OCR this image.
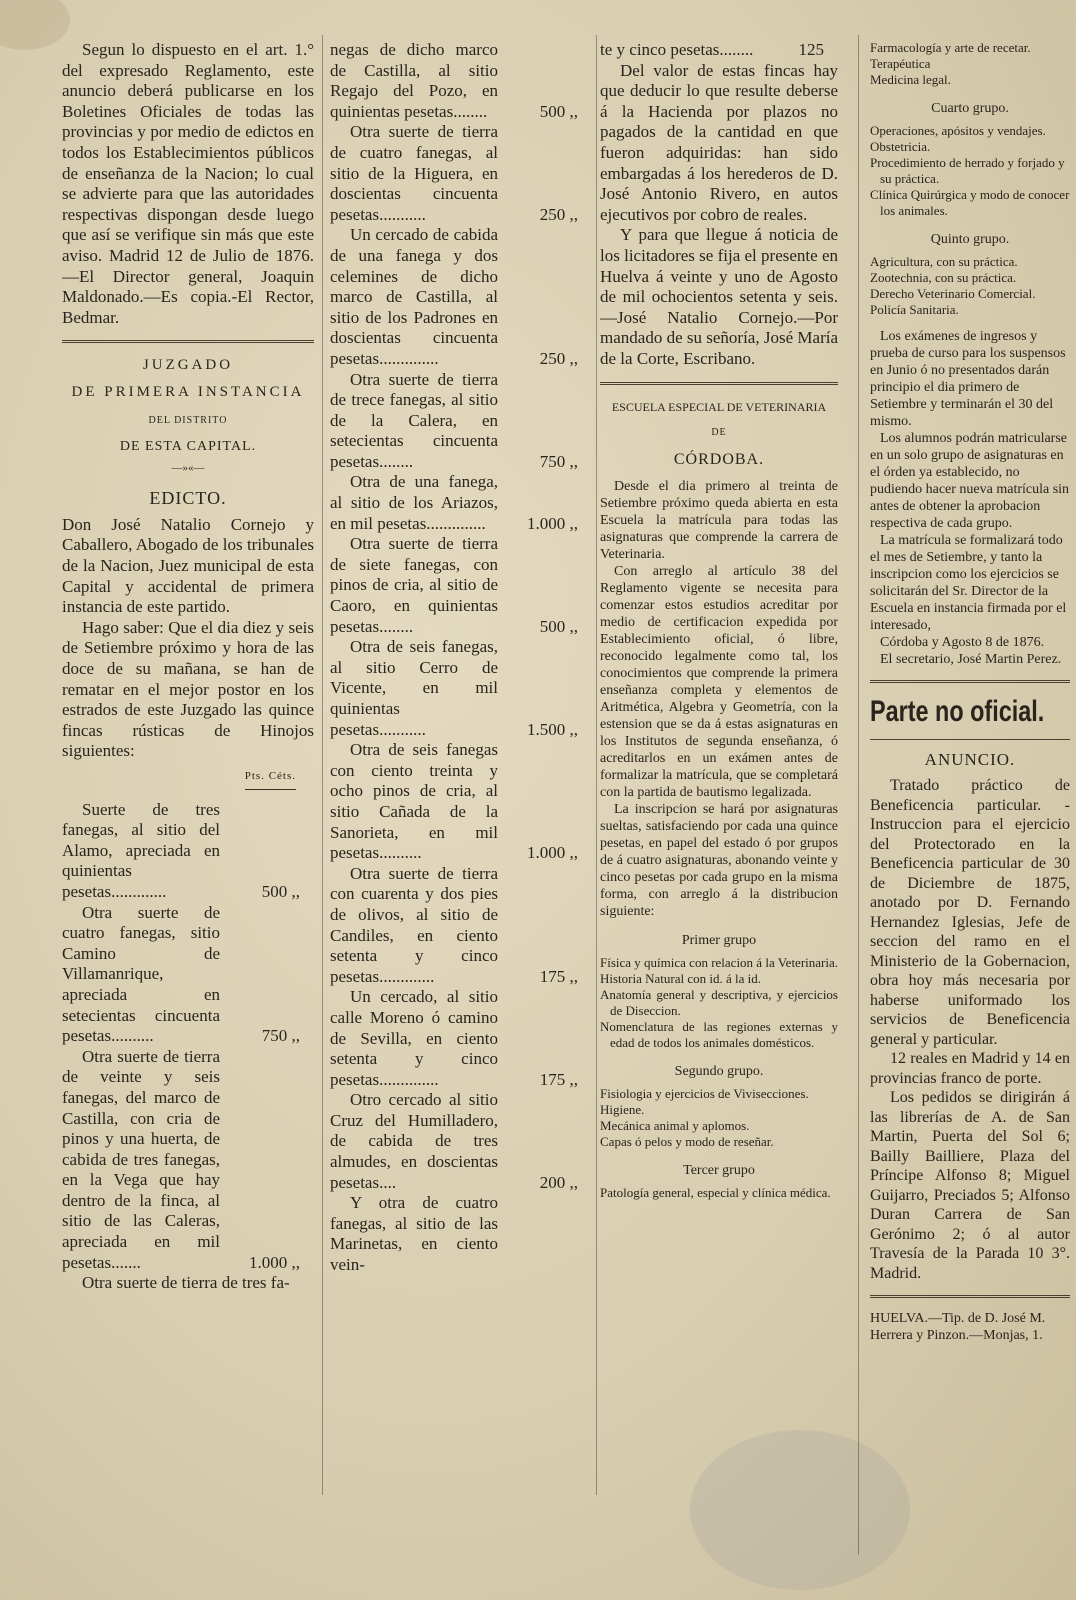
Segun lo dispuesto en el art. 1.° del expresado Reglamento, este anuncio deberá publicarse en los Boletines Oficiales de todas las provincias y por medio de edictos en todos los Establecimientos públicos de enseñanza de la Nacion; lo cual se advierte para que las autoridades respectivas dispongan desde luego que así se verifique sin más que este aviso. Madrid 12 de Julio de 1876.—El Director general, Joaquin Maldonado.—Es copia.-El Rector, Bedmar.

JUZGADO

DE PRIMERA INSTANCIA

DEL DISTRITO

DE ESTA CAPITAL.

—»«—

EDICTO.

Don José Natalio Cornejo y Caballero, Abogado de los tribunales de la Nacion, Juez municipal de esta Capital y accidental de primera instancia de este partido.

Hago saber: Que el dia diez y seis de Setiembre próximo y hora de las doce de su mañana, se han de rematar en el mejor postor en los estrados de este Juzgado las quince fincas rústicas de Hinojos siguientes:

Pts. Céts.

Suerte de tres fanegas, al sitio del Alamo, apreciada en quinientas pesetas.............	500 ,,

Otra suerte de cuatro fanegas, sitio Camino de Villamanrique, apreciada en setecientas cincuenta pesetas..........	750 ,,

Otra suerte de tierra de veinte y seis fanegas, del marco de Castilla, con cria de pinos y una huerta, de cabida de tres fanegas, en la Vega que hay dentro de la finca, al sitio de las Caleras, apreciada en mil pesetas.......	1.000 ,,

Otra suerte de tierra de tres fa-

negas de dicho marco de Castilla, al sitio Regajo del Pozo, en quinientas pesetas........	500 ,,

Otra suerte de tierra de cuatro fanegas, al sitio de la Higuera, en doscientas cincuenta pesetas...........	250 ,,

Un cercado de cabida de una fanega y dos celemines de dicho marco de Castilla, al sitio de los Padrones en doscientas cincuenta pesetas..............	250 ,,

Otra suerte de tierra de trece fanegas, al sitio de la Calera, en setecientas cincuenta pesetas........	750 ,,

Otra de una fanega, al sitio de los Ariazos, en mil pesetas..............	1.000 ,,

Otra suerte de tierra de siete fanegas, con pinos de cria, al sitio de Caoro, en quinientas pesetas........	500 ,,

Otra de seis fanegas, al sitio Cerro de Vicente, en mil quinientas pesetas...........	1.500 ,,

Otra de seis fanegas con ciento treinta y ocho pinos de cria, al sitio Cañada de la Sanorieta, en mil pesetas..........	1.000 ,,

Otra suerte de tierra con cuarenta y dos pies de olivos, al sitio de Candiles, en ciento setenta y cinco pesetas.............	175 ,,

Un cercado, al sitio calle Moreno ó camino de Sevilla, en ciento setenta y cinco pesetas..............	175 ,,

Otro cercado al sitio Cruz del Humilladero, de cabida de tres almudes, en doscientas pesetas....	200 ,,

Y otra de cuatro fanegas, al sitio de las Marinetas, en ciento vein-

te y cinco pesetas........	125

Del valor de estas fincas hay que deducir lo que resulte deberse á la Hacienda por plazos no pagados de la cantidad en que fueron adquiridas: han sido embargadas á los herederos de D. José Antonio Rivero, en autos ejecutivos por cobro de reales.

Y para que llegue á noticia de los licitadores se fija el presente en Huelva á veinte y uno de Agosto de mil ochocientos setenta y seis.—José Natalio Cornejo.—Por mandado de su señoría, José María de la Corte, Escribano.

ESCUELA ESPECIAL DE VETERINARIA

DE

CÓRDOBA.

Desde el dia primero al treinta de Setiembre próximo queda abierta en esta Escuela la matrícula para todas las asignaturas que comprende la carrera de Veterinaria.

Con arreglo al artículo 38 del Reglamento vigente se necesita para comenzar estos estudios acreditar por medio de certificacion expedida por Establecimiento oficial, ó libre, reconocido legalmente como tal, los conocimientos que comprende la primera enseñanza completa y elementos de Aritmética, Algebra y Geometría, con la estension que se da á estas asignaturas en los Institutos de segunda enseñanza, ó acreditarlos en un exámen antes de formalizar la matrícula, que se completará con la partida de bautismo legalizada.

La inscripcion se hará por asignaturas sueltas, satisfaciendo por cada una quince pesetas, en papel del estado ó por grupos de á cuatro asignaturas, abonando veinte y cinco pesetas por cada grupo en la misma forma, con arreglo á la distribucion siguiente:

Primer grupo

Física y química con relacion á la Veterinaria.

Historia Natural con id. á la id.

Anatomía general y descriptiva, y ejercicios de Diseccion.

Nomenclatura de las regiones externas y edad de todos los animales domésticos.

Segundo grupo.

Fisiologia y ejercicios de Vivisecciones.

Higiene.

Mecánica animal y aplomos.

Capas ó pelos y modo de reseñar.

Tercer grupo

Patología general, especial y clínica médica.

Farmacología y arte de recetar.

Terapéutica

Medicina legal.

Cuarto grupo.

Operaciones, apósitos y vendajes.

Obstetricia.

Procedimiento de herrado y forjado y su práctica.

Clínica Quirúrgica y modo de conocer los animales.

Quinto grupo.

Agricultura, con su práctica.

Zootechnia, con su práctica.

Derecho Veterinario Comercial.

Policía Sanitaria.

Los exámenes de ingresos y prueba de curso para los suspensos en Junio ó no presentados darán principio el dia primero de Setiembre y terminarán el 30 del mismo.

Los alumnos podrán matricularse en un solo grupo de asignaturas en el órden ya establecido, no pudiendo hacer nueva matrícula sin antes de obtener la aprobacion respectiva de cada grupo.

La matrícula se formalizará todo el mes de Setiembre, y tanto la inscripcion como los ejercicios se solicitarán del Sr. Director de la Escuela en instancia firmada por el interesado,

Córdoba y Agosto 8 de 1876.

El secretario, José Martin Perez.

Parte no oficial.

ANUNCIO.

Tratado práctico de Beneficencia particular. -Instruccion para el ejercicio del Protectorado en la Beneficencia particular de 30 de Diciembre de 1875, anotado por D. Fernando Hernandez Iglesias, Jefe de seccion del ramo en el Ministerio de la Gobernacion, obra hoy más necesaria por haberse uniformado los servicios de Beneficencia general y particular.

12 reales en Madrid y 14 en provincias franco de porte.

Los pedidos se dirigirán á las librerías de A. de San Martin, Puerta del Sol 6; Bailly Bailliere, Plaza del Príncipe Alfonso 8; Miguel Guijarro, Preciados 5; Alfonso Duran Carrera de San Gerónimo 2; ó al autor Travesía de la Parada 10 3°. Madrid.

HUELVA.—Tip. de D. José M. Herrera y Pinzon.—Monjas, 1.
